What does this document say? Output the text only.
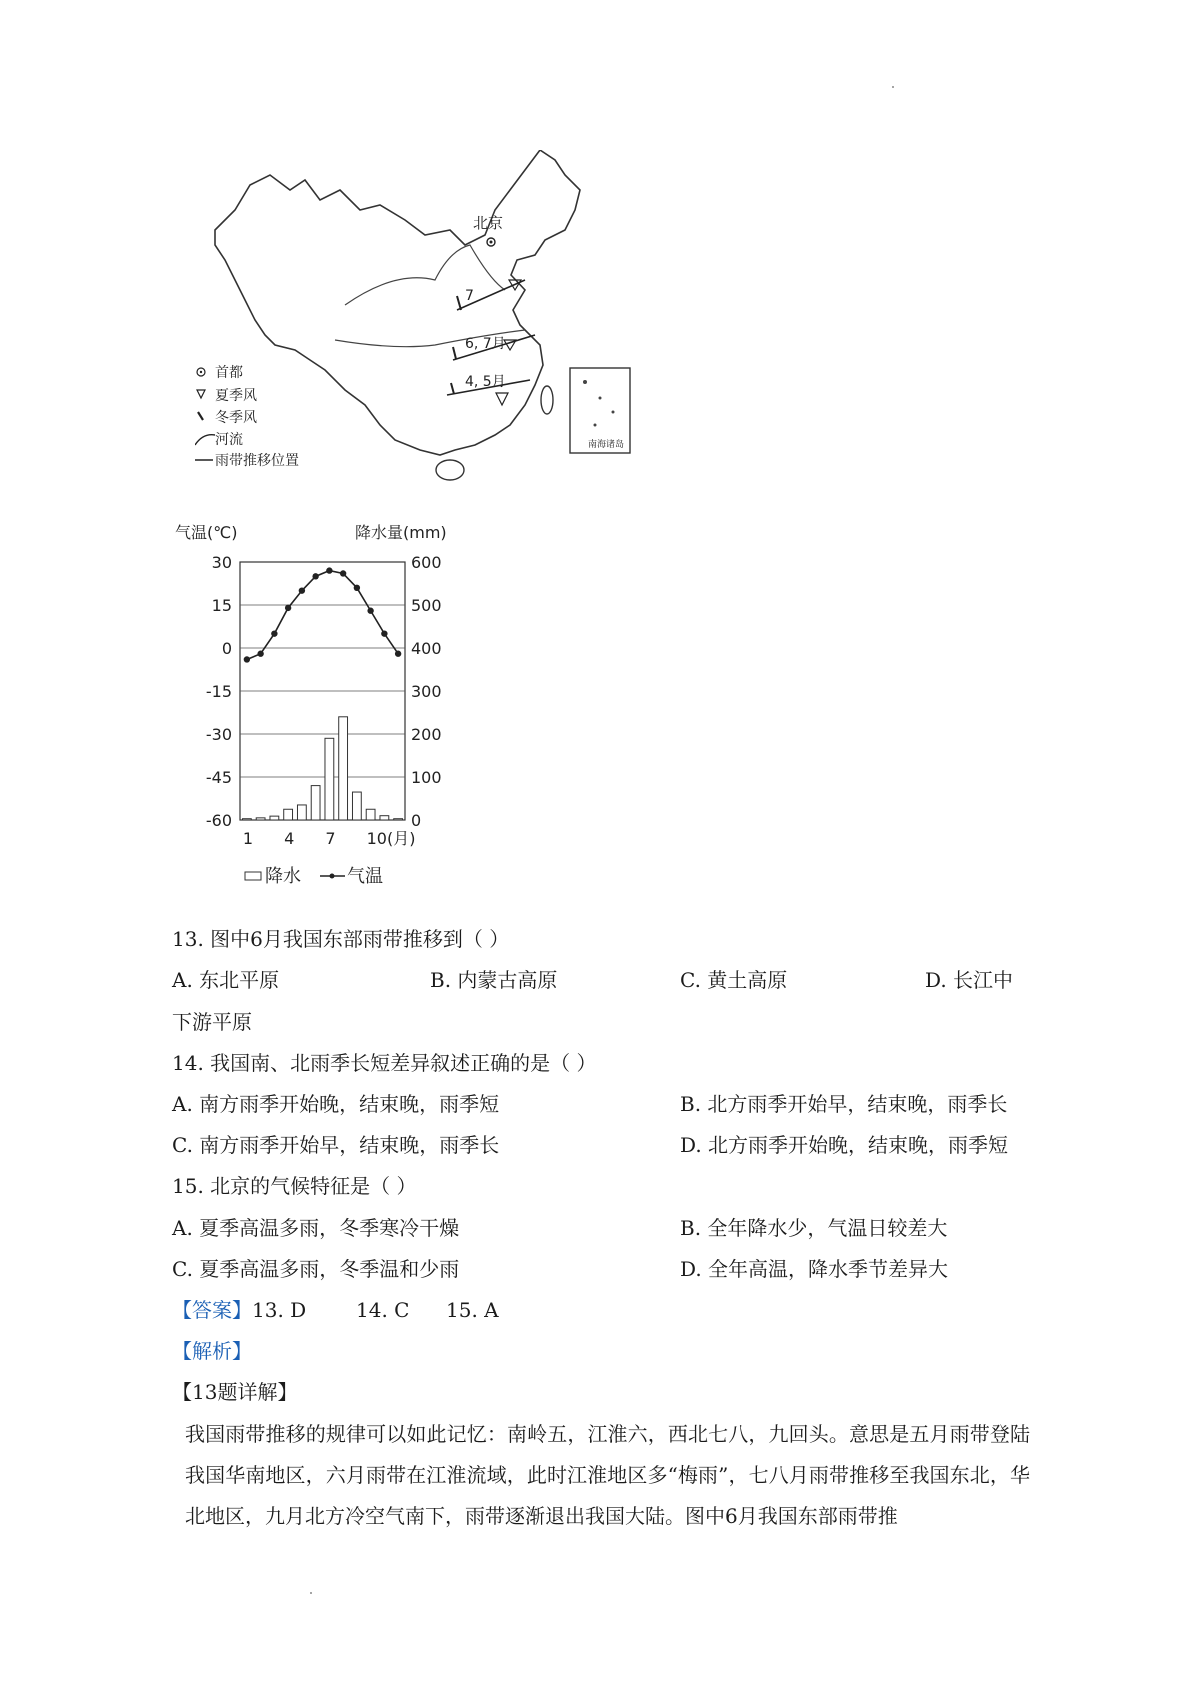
北京
7
6, 7月
4, 5月
南海诸岛
首都
夏季风
冬季风
河流
雨带推移位置
气温(℃)	降水量(mm)
30	600
15	500
0	400
-15	300
-30	200
-45	100
-60	0
1 4 7 10(月)
降水	气温
13. 图中6月我国东部雨带推移到（ ）
A. 东北平原	B. 内蒙古高原	C. 黄土高原	D. 长江中
下游平原
14. 我国南、北雨季长短差异叙述正确的是（ ）
A. 南方雨季开始晚，结束晚，雨季短	B. 北方雨季开始早，结束晚，雨季长
C. 南方雨季开始早，结束晚，雨季长	D. 北方雨季开始晚，结束晚，雨季短
15. 北京的气候特征是（ ）
A. 夏季高温多雨，冬季寒冷干燥	B. 全年降水少，气温日较差大
C. 夏季高温多雨，冬季温和少雨	D. 全年高温，降水季节差异大
【答案】13. D 14. C 15. A
【解析】
【13题详解】
我国雨带推移的规律可以如此记忆：南岭五，江淮六，西北七八，九回头。意思是五月雨带登陆我国华南地区，六月雨带在江淮流域，此时江淮地区多“梅雨”，七八月雨带推移至我国东北，华北地区，九月北方冷空气南下，雨带逐渐退出我国大陆。图中6月我国东部雨带推
